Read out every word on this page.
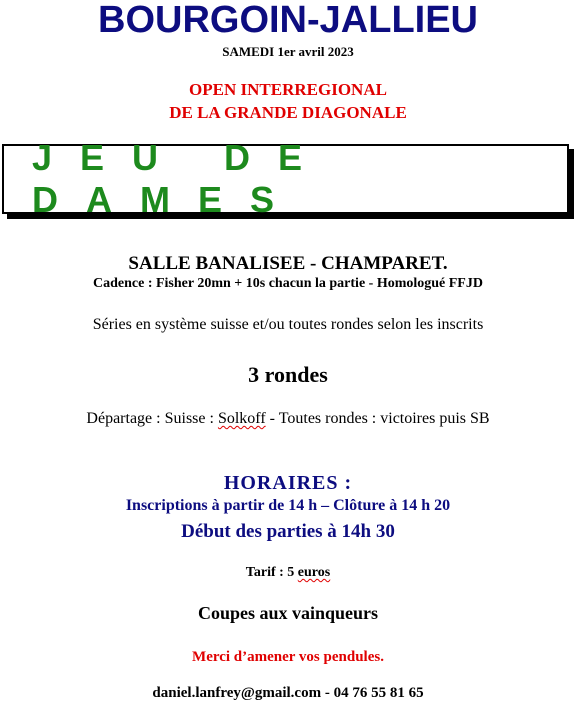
BOURGOIN-JALLIEU
SAMEDI 1er avril 2023
OPEN INTERREGIONAL
DE LA GRANDE DIAGONALE
JEU DE DAMES
SALLE BANALISEE - CHAMPARET.
Cadence : Fisher 20mn + 10s chacun la partie - Homologué FFJD
Séries en système suisse et/ou toutes rondes selon les inscrits
3 rondes
Départage : Suisse : Solkoff - Toutes rondes : victoires puis SB
HORAIRES :
Inscriptions à partir de 14 h – Clôture à 14 h 20
Début des parties à 14h 30
Tarif : 5 euros
Coupes aux vainqueurs
Merci d’amener vos pendules.
daniel.lanfrey@gmail.com - 04 76 55 81 65
